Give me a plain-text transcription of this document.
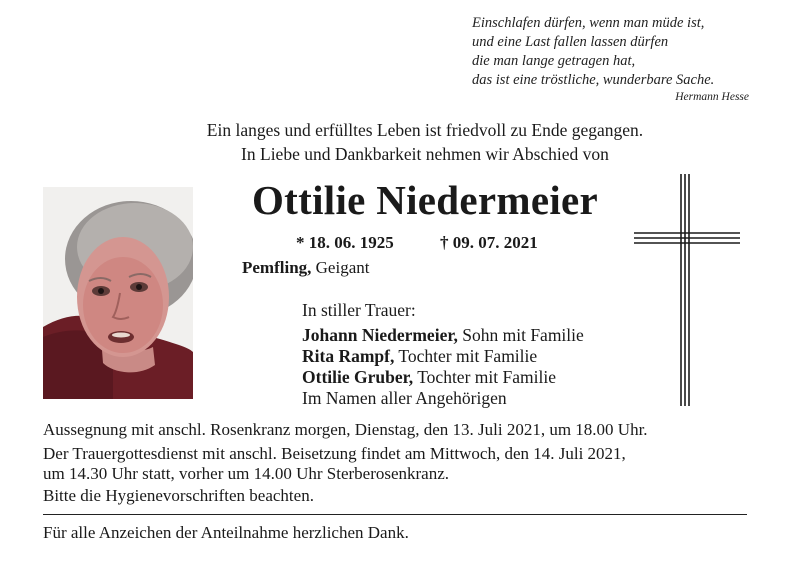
Einschlafen dürfen, wenn man müde ist,
und eine Last fallen lassen dürfen
die man lange getragen hat,
das ist eine tröstliche, wunderbare Sache.
Hermann Hesse
Ein langes und erfülltes Leben ist friedvoll zu Ende gegangen.
In Liebe und Dankbarkeit nehmen wir Abschied von
Ottilie Niedermeier
* 18. 06. 1925	† 09. 07. 2021
Pemfling, Geigant
In stiller Trauer:
Johann Niedermeier, Sohn mit Familie
Rita Rampf, Tochter mit Familie
Ottilie Gruber, Tochter mit Familie
Im Namen aller Angehörigen
Aussegnung mit anschl. Rosenkranz morgen, Dienstag, den 13. Juli 2021, um 18.00 Uhr.
Der Trauergottesdienst mit anschl. Beisetzung findet am Mittwoch, den 14. Juli 2021,
um 14.30 Uhr statt, vorher um 14.00 Uhr Sterberosenkranz.
Bitte die Hygienevorschriften beachten.
Für alle Anzeichen der Anteilnahme herzlichen Dank.
